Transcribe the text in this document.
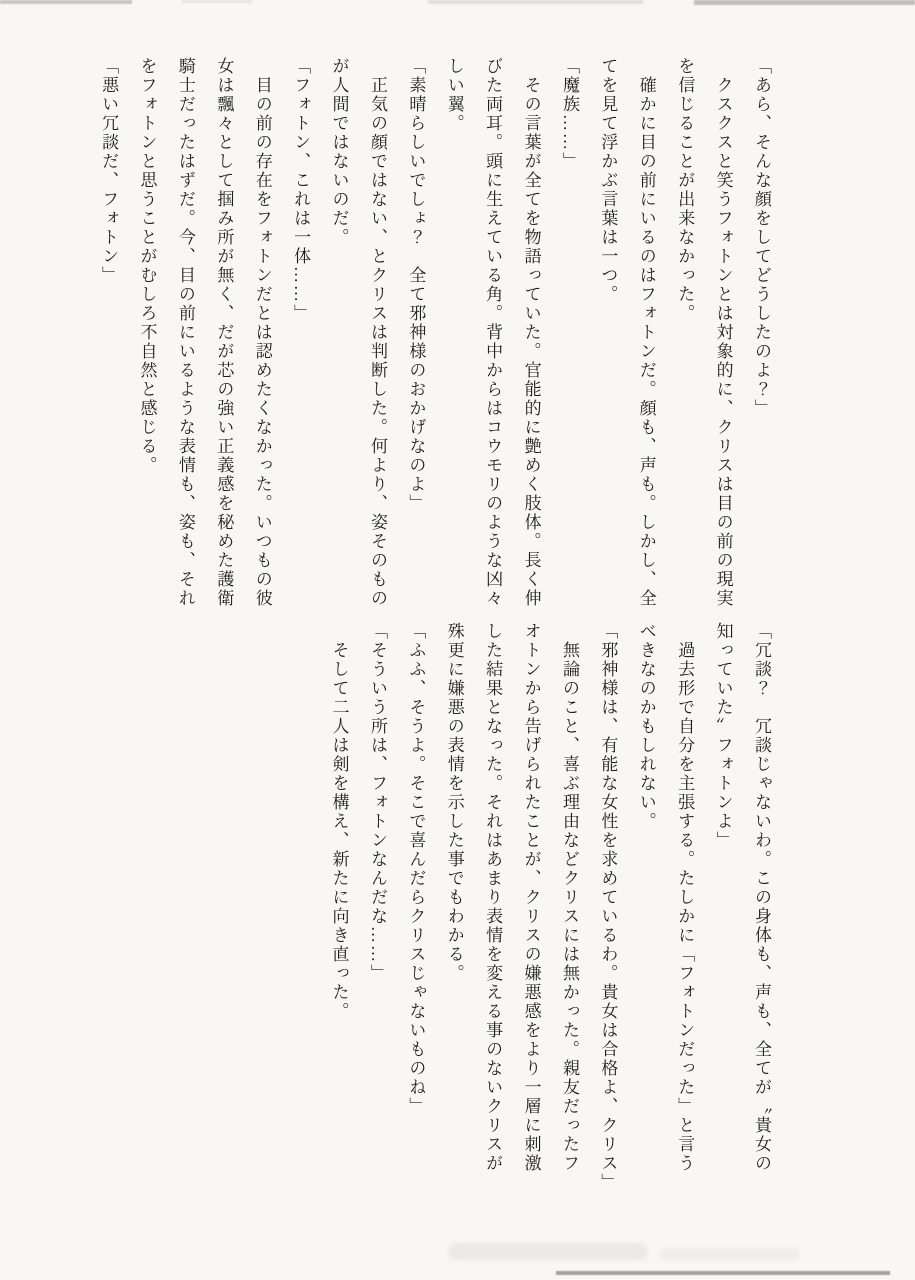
「あら、そんな顔をしてどうしたのよ？」
クスクスと笑うフォトンとは対象的に、クリスは目の前の現実
を信じることが出来なかった。
確かに目の前にいるのはフォトンだ。顔も、声も。しかし、全
てを見て浮かぶ言葉は一つ。
「魔族……」
その言葉が全てを物語っていた。官能的に艶めく肢体。長く伸
びた両耳。頭に生えている角。背中からはコウモリのような凶々
しい翼。
「素晴らしいでしょ？　全て邪神様のおかげなのよ」
正気の顔ではない、とクリスは判断した。何より、姿そのもの
が人間ではないのだ。
「フォトン、これは一体……」
目の前の存在をフォトンだとは認めたくなかった。いつもの彼
女は飄々として掴み所が無く、だが芯の強い正義感を秘めた護衛
騎士だったはずだ。今、目の前にいるような表情も、姿も、それ
をフォトンと思うことがむしろ不自然と感じる。
「悪い冗談だ、フォトン」
「冗談？　冗談じゃないわ。この身体も、声も、全てが〝貴女の
知っていた〟フォトンよ」
過去形で自分を主張する。たしかに「フォトンだった」と言う
べきなのかもしれない。
「邪神様は、有能な女性を求めているわ。貴女は合格よ、クリス」
無論のこと、喜ぶ理由などクリスには無かった。親友だったフ
オトンから告げられたことが、クリスの嫌悪感をより一層に刺激
した結果となった。それはあまり表情を変える事のないクリスが
殊更に嫌悪の表情を示した事でもわかる。
「ふふ、そうよ。そこで喜んだらクリスじゃないものね」
「そういう所は、フォトンなんだな……」
そして二人は剣を構え、新たに向き直った。
